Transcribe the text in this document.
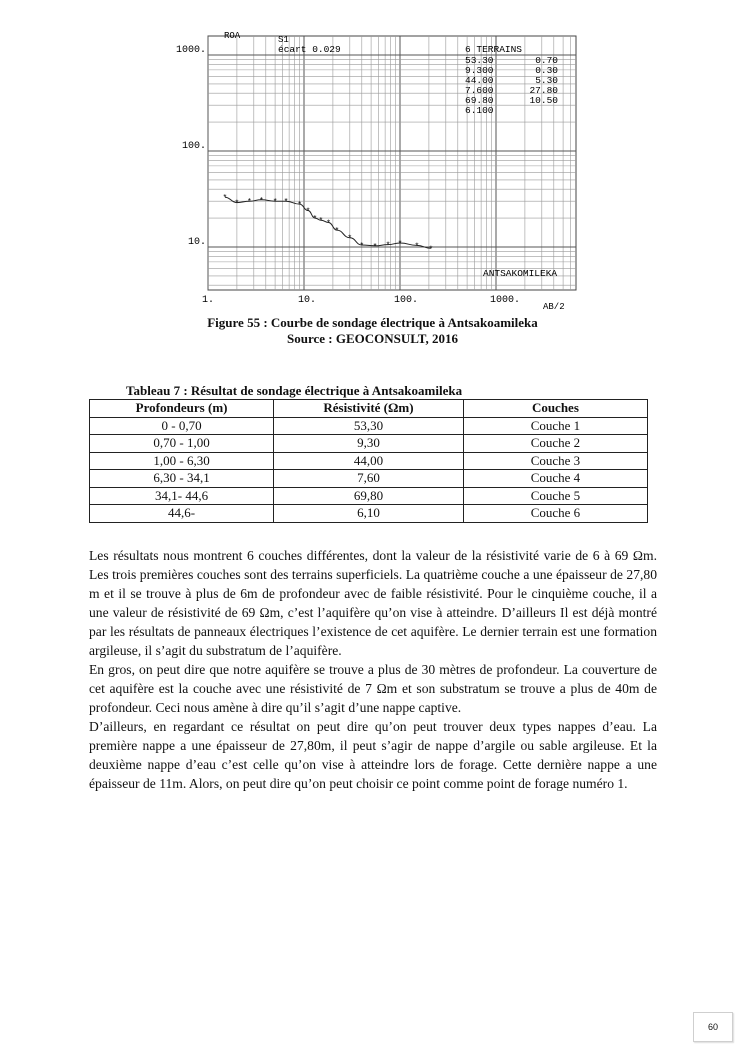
ROA	S1
écart 0.029	6 TERRAINS
ANTSAKOMILEKA
AB/2
53.30	0.70
9.300	0.30
44.00	5.30
7.600	27.80
69.80	10.50
6.100
1.	10.	100.	1000.
10.
100.
1000.
*
* * * * * *
*
* * *
*
*
* * * * * *
Figure 55 : Courbe de sondage électrique à Antsakoamileka
Source : GEOCONSULT, 2016
Tableau 7 : Résultat de sondage électrique à Antsakoamileka
Profondeurs (m)	Résistivité (Ωm)	Couches
0 - 0,70	53,30	Couche 1
0,70 - 1,00	9,30	Couche 2
1,00 - 6,30	44,00	Couche 3
6,30 - 34,1	7,60	Couche 4
34,1- 44,6	69,80	Couche 5
44,6-	6,10	Couche 6

Les résultats nous montrent 6 couches différentes, dont la valeur de la résistivité varie de 6 à 69 Ωm. Les trois premières couches sont des terrains superficiels. La quatrième couche a une épaisseur de 27,80 m et il se trouve à plus de 6m de profondeur avec de faible résistivité. Pour le cinquième couche, il a une valeur de résistivité de 69 Ωm, c’est l’aquifère qu’on vise à atteindre. D’ailleurs Il est déjà montré par les résultats de panneaux électriques l’existence de cet aquifère. Le dernier terrain est une formation argileuse, il s’agit du substratum de l’aquifère.

En gros, on peut dire que notre aquifère se trouve a plus de 30 mètres de profondeur. La couverture de cet aquifère est la couche avec une résistivité de 7 Ωm et son substratum se trouve a plus de 40m de profondeur. Ceci nous amène à dire qu’il s’agit d’une nappe captive.

D’ailleurs, en regardant ce résultat on peut dire qu’on peut trouver deux types nappes d’eau. La première nappe a une épaisseur de 27,80m, il peut s’agir de nappe d’argile ou sable argileuse. Et la deuxième nappe d’eau c’est celle qu’on vise à atteindre lors de forage. Cette dernière nappe a une épaisseur de 11m. Alors, on peut dire qu’on peut choisir ce point comme point de forage numéro 1.

60
